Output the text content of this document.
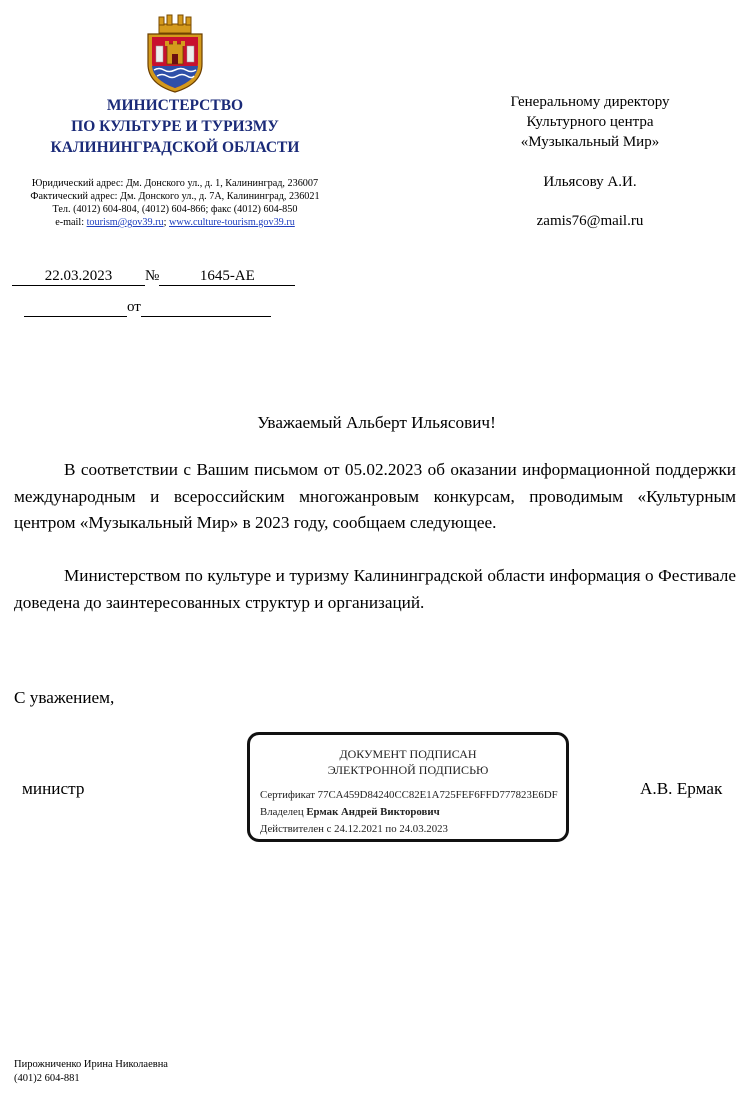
МИНИСТЕРСТВО
ПО КУЛЬТУРЕ И ТУРИЗМУ
КАЛИНИНГРАДСКОЙ ОБЛАСТИ
Юридический адрес: Дм. Донского ул., д. 1, Калининград, 236007
Фактический адрес: Дм. Донского ул., д. 7А, Калининград, 236021
Тел. (4012) 604-804, (4012) 604-866; факс (4012) 604-850
e-mail: tourism@gov39.ru; www.culture-tourism.gov39.ru
Генеральному директору
Культурного центра
«Музыкальный Мир»
Ильясову А.И.
zamis76@mail.ru
22.03.2023 №	1645-АЕ
от
Уважаемый Альберт Ильясович!
В соответствии с Вашим письмом от 05.02.2023 об оказании информационной поддержки международным и всероссийским многожанровым конкурсам, проводимым «Культурным центром «Музыкальный Мир» в 2023 году, сообщаем следующее.
Министерством по культуре и туризму Калининградской области информация о Фестивале доведена до заинтересованных структур и организаций.
С уважением,
министр	А.В. Ермак
ДОКУМЕНТ ПОДПИСАН
ЭЛЕКТРОННОЙ ПОДПИСЬЮ
Сертификат 77CA459D84240CC82E1A725FEF6FFD777823E6DF
Владелец Ермак Андрей Викторович
Действителен с 24.12.2021 по 24.03.2023
Пирожниченко Ирина Николаевна
(401)2 604-881
